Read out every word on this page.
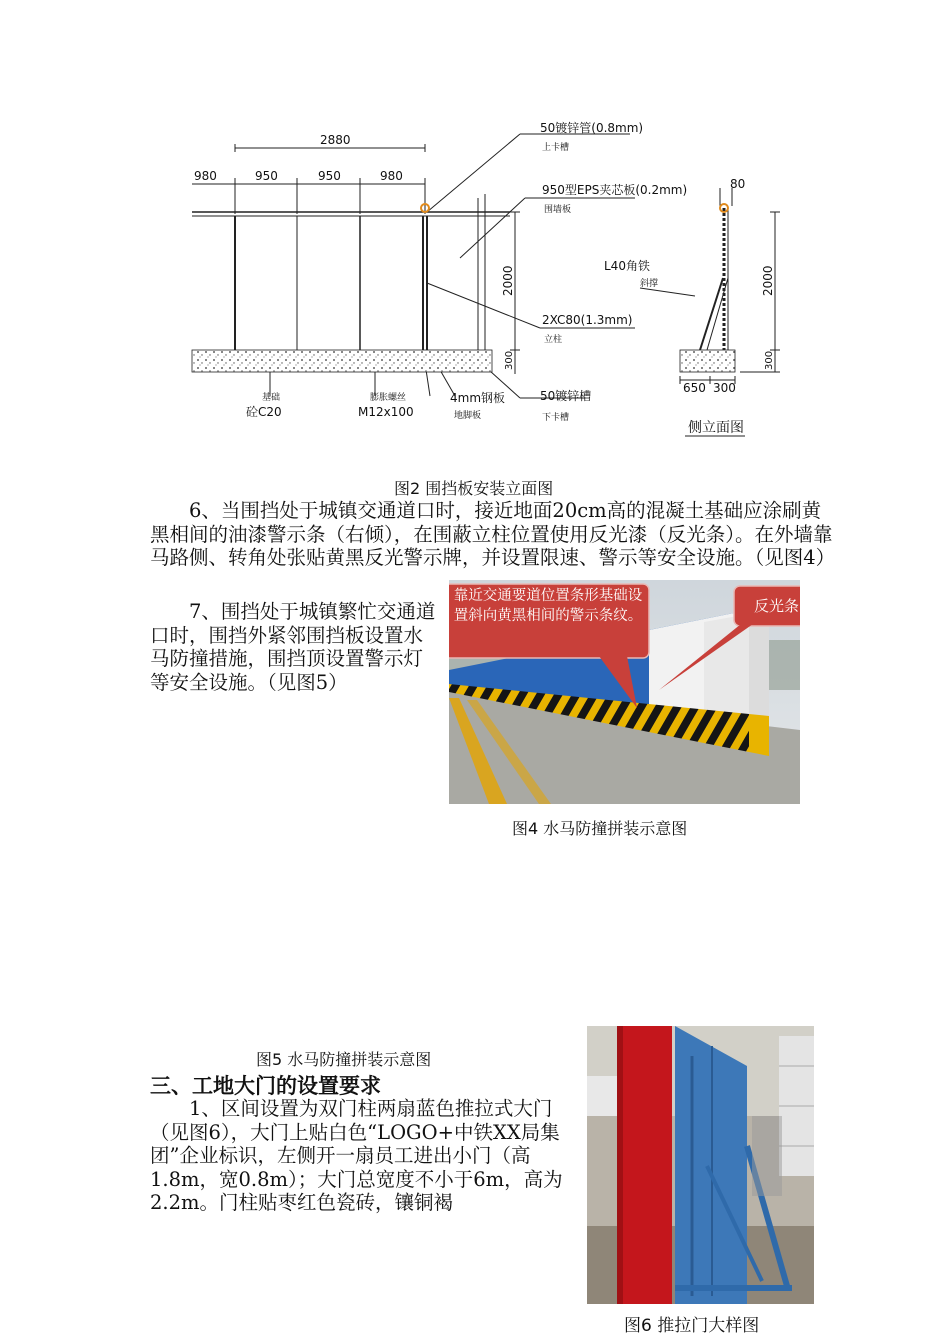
2880
980	950	950	980
50镀锌管(0.8mm)
上卡槽
950型EPS夹芯板(0.2mm)
围墙板
2XC80(1.3mm)
立柱
2000
300
基础
砼C20
膨胀螺丝
M12x100
4mm钢板
地脚板
50镀锌槽
下卡槽
L40角铁
斜撑
80
2000
300
650 300
侧立面图
图2 围挡板安装立面图

6、当围挡处于城镇交通道口时，接近地面20cm高的混凝土基础应涂刷黄黑相间的油漆警示条（右倾），在围蔽立柱位置使用反光漆（反光条）。在外墙靠马路侧、转角处张贴黄黑反光警示牌，并设置限速、警示等安全设施。（见图4）

7、围挡处于城镇繁忙交通道口时，围挡外紧邻围挡板设置水马防撞措施，围挡顶设置警示灯等安全设施。（见图5）

靠近交通要道位置条形基础设置斜向黄黑相间的警示条纹。
反光条
图4 水马防撞拼装示意图
图5 水马防撞拼装示意图
三、工地大门的设置要求

1、区间设置为双门柱两扇蓝色推拉式大门（见图6），大门上贴白色“LOGO+中铁XX局集团”企业标识，左侧开一扇员工进出小门（高1.8m，宽0.8m）；大门总宽度不小于6m，高为2.2m。门柱贴枣红色瓷砖，镶铜褐

图6 推拉门大样图
